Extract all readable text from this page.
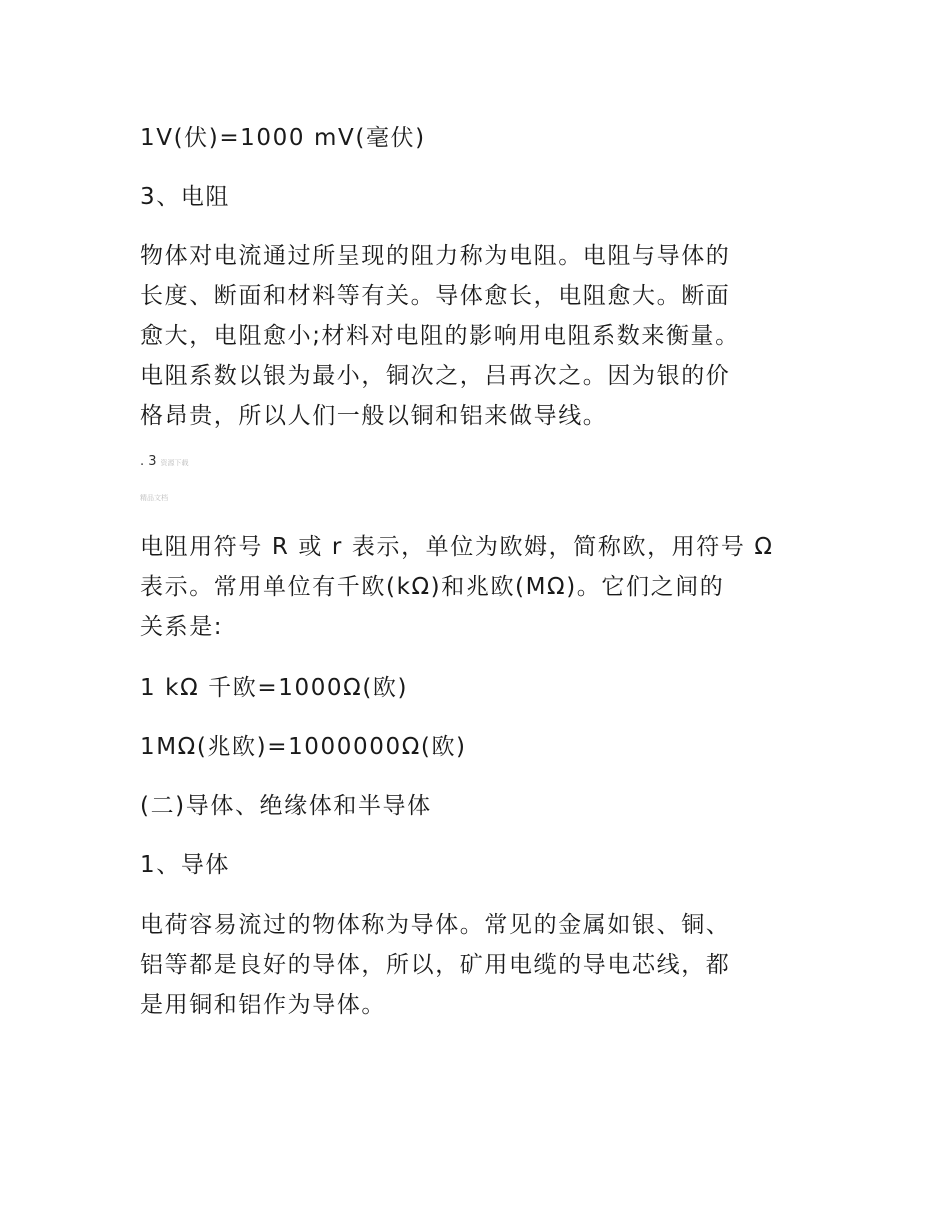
1V(伏)=1000 mV(毫伏)
3、电阻

物体对电流通过所呈现的阻力称为电阻。电阻与导体的
长度、断面和材料等有关。导体愈长，电阻愈大。断面
愈大，电阻愈小;材料对电阻的影响用电阻系数来衡量。
电阻系数以银为最小，铜次之，吕再次之。因为银的价
格昂贵，所以人们一般以铜和铝来做导线。

. 3 资源下载
精品文档

电阻用符号 R 或 r 表示，单位为欧姆，简称欧，用符号 Ω
表示。常用单位有千欧(kΩ)和兆欧(MΩ)。它们之间的
关系是:

1 kΩ 千欧=1000Ω(欧)
1MΩ(兆欧)=1000000Ω(欧)
(二)导体、绝缘体和半导体
1、导体

电荷容易流过的物体称为导体。常见的金属如银、铜、
铝等都是良好的导体，所以，矿用电缆的导电芯线，都
是用铜和铝作为导体。
